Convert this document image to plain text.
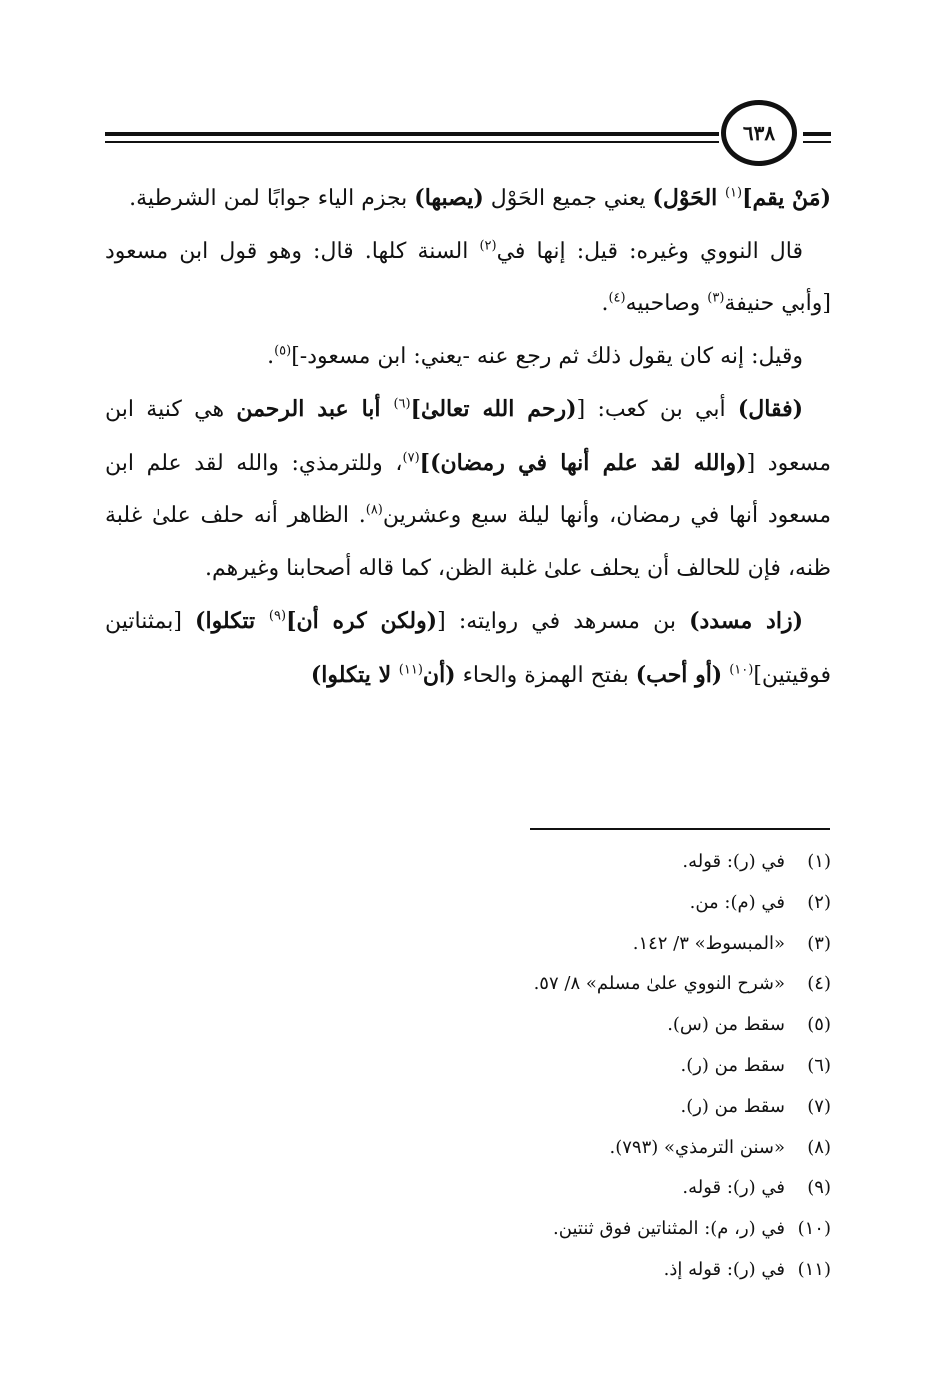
٦٣٨

(مَنْ يقم]$^{(١)}$ الحَوْل) يعني جميع الحَوْل (يصبها) بجزم الياء جوابًا لمن الشرطية.

قال النووي وغيره: قيل: إنها في$^{(٢)}$ السنة كلها. قال: وهو قول ابن مسعود [وأبي حنيفة$^{(٣)}$ وصاحبيه$^{(٤)}$.

وقيل: إنه كان يقول ذلك ثم رجع عنه -يعني: ابن مسعود-]$^{(٥)}$.

(فقال) أبي بن كعب: [(رحم الله تعالىٰ]$^{(٦)}$ أبا عبد الرحمن هي كنية ابن مسعود [(والله لقد علم أنها في رمضان)]$^{(٧)}$، وللترمذي: والله لقد علم ابن مسعود أنها في رمضان، وأنها ليلة سبع وعشرين$^{(٨)}$. الظاهر أنه حلف علىٰ غلبة ظنه، فإن للحالف أن يحلف علىٰ غلبة الظن، كما قاله أصحابنا وغيرهم.

(زاد مسدد) بن مسرهد في روايته: [(ولكن كره أن]$^{(٩)}$ تتكلوا) [بمثناتين فوقيتين]$^{(١٠)}$ (أو أحب) بفتح الهمزة والحاء (أن$^{(١١)}$ لا يتكلوا)

(١)
في (ر): قوله.
(٢)
في (م): من.
(٣)
«المبسوط» ٣/ ١٤٢.
(٤)
«شرح النووي علىٰ مسلم» ٨/ ٥٧.
(٥)
سقط من (س).
(٦)
سقط من (ر).
(٧)
سقط من (ر).
(٨)
«سنن الترمذي» (٧٩٣).
(٩)
في (ر): قوله.
(١٠)
في (ر، م): المثناتين فوق ثنتين.
(١١)
في (ر): قوله إذ.
